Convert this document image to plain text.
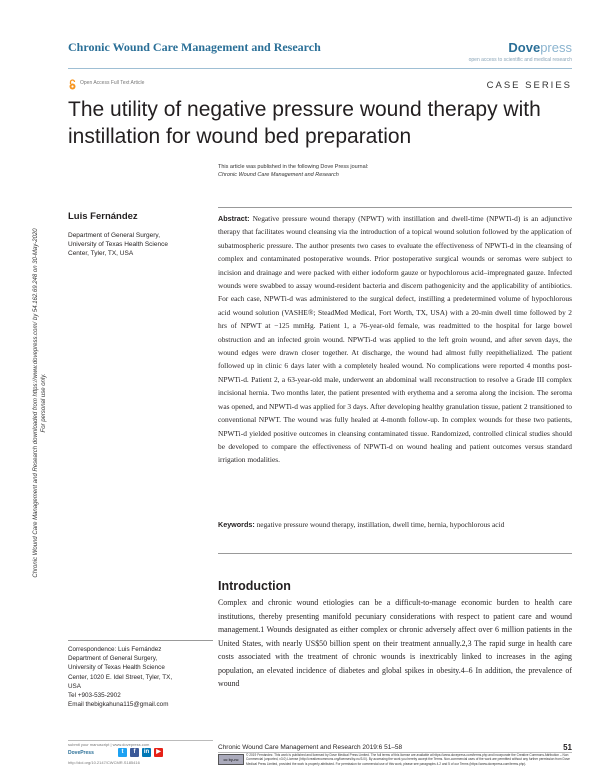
Chronic Wound Care Management and Research	Dovepress
open access to scientific and medical research
Open Access Full Text Article	CASE SERIES
The utility of negative pressure wound therapy with instillation for wound bed preparation
This article was published in the following Dove Press journal:
Chronic Wound Care Management and Research
Luis Fernández
Department of General Surgery,
University of Texas Health Science
Center, Tyler, TX, USA
Abstract: Negative pressure wound therapy (NPWT) with instillation and dwell-time (NPWTi-d) is an adjunctive therapy that facilitates wound cleansing via the introduction of a topical wound solution followed by the application of subatmospheric pressure. The author presents two cases to evaluate the effectiveness of NPWTi-d in the cleansing of complex and contaminated postoperative wounds. Prior postoperative surgical wounds or seromas were subject to incision and drainage and were packed with either iodoform gauze or hypochlorous acid–impregnated gauze. Infected wounds were swabbed to assay wound-resident bacteria and discern pathogenicity and the applicability of antibiotics. For each case, NPWTi-d was administered to the surgical defect, instilling a predetermined volume of hypochlorous acid wound solution (VASHE®; SteadMed Medical, Fort Worth, TX, USA) with a 20-min dwell time followed by 2 hrs of NPWT at −125 mmHg. Patient 1, a 76-year-old female, was readmitted to the hospital for large bowel obstruction and an infected groin wound. NPWTi-d was applied to the left groin wound, and after seven days, the wound edges were drawn closer together. At discharge, the wound had almost fully reepithelialized. The patient followed up in clinic 6 days later with a completely healed wound. No complications were reported 4 months post-NPWTi-d. Patient 2, a 63-year-old male, underwent an abdominal wall reconstruction to resolve a Grade III complex incisional hernia. Two months later, the patient presented with erythema and a seroma along the incision. The seroma was opened, and NPWTi-d was applied for 3 days. After developing healthy granulation tissue, patient 2 transitioned to conventional NPWT. The wound was fully healed at 4-month follow-up. In complex wounds for these two patients, NPWTi-d yielded positive outcomes in cleansing contaminated tissue. Randomized, controlled clinical studies should be developed to compare the effectiveness of NPWTi-d on wound healing and patient outcomes versus standard irrigation modalities.
Keywords: negative pressure wound therapy, instillation, dwell time, hernia, hypochlorous acid
Introduction
Complex and chronic wound etiologies can be a difficult-to-manage economic burden to health care institutions, thereby presenting manifold pecuniary considerations with respect to patient care and wound management.1 Wounds designated as either complex or chronic adversely affect over 6 million patients in the United States, with nearly US$50 billion spent on their treatment annually.2,3 The rapid surge in health care costs associated with the treatment of chronic wounds is inextricably linked to increases in the aging population, an elevated incidence of diabetes and global spikes in obesity.4–6 In addition, the prevalence of wound
Correspondence: Luis Fernández
Department of General Surgery,
University of Texas Health Science
Center, 1020 E. Idel Street, Tyler, TX,
USA
Tel +903-535-2902
Email thebigkahuna115@gmail.com
Chronic Wound Care Management and Research downloaded from https://www.dovepress.com/ by 54.162.69.248 on 30-May-2020 For personal use only.
submit your manuscript | www.dovepress.com
DovePress	t	f	in	▶
http://doi.org/10.2147/CWCMR.S185416
Chronic Wound Care Management and Research 2019:6 51–58	51
cc by-nc
© 2019 Fernández. This work is published and licensed by Dove Medical Press Limited. The full terms of this license are available at https://www.dovepress.com/terms.php and incorporate the Creative Commons Attribution – Non Commercial (unported, v3.0) License (http://creativecommons.org/licenses/by-nc/3.0/). By accessing the work you hereby accept the Terms. Non-commercial uses of the work are permitted without any further permission from Dove Medical Press Limited, provided the work is properly attributed. For permission for commercial use of this work, please see paragraphs 4.2 and 5 of our Terms (https://www.dovepress.com/terms.php).
